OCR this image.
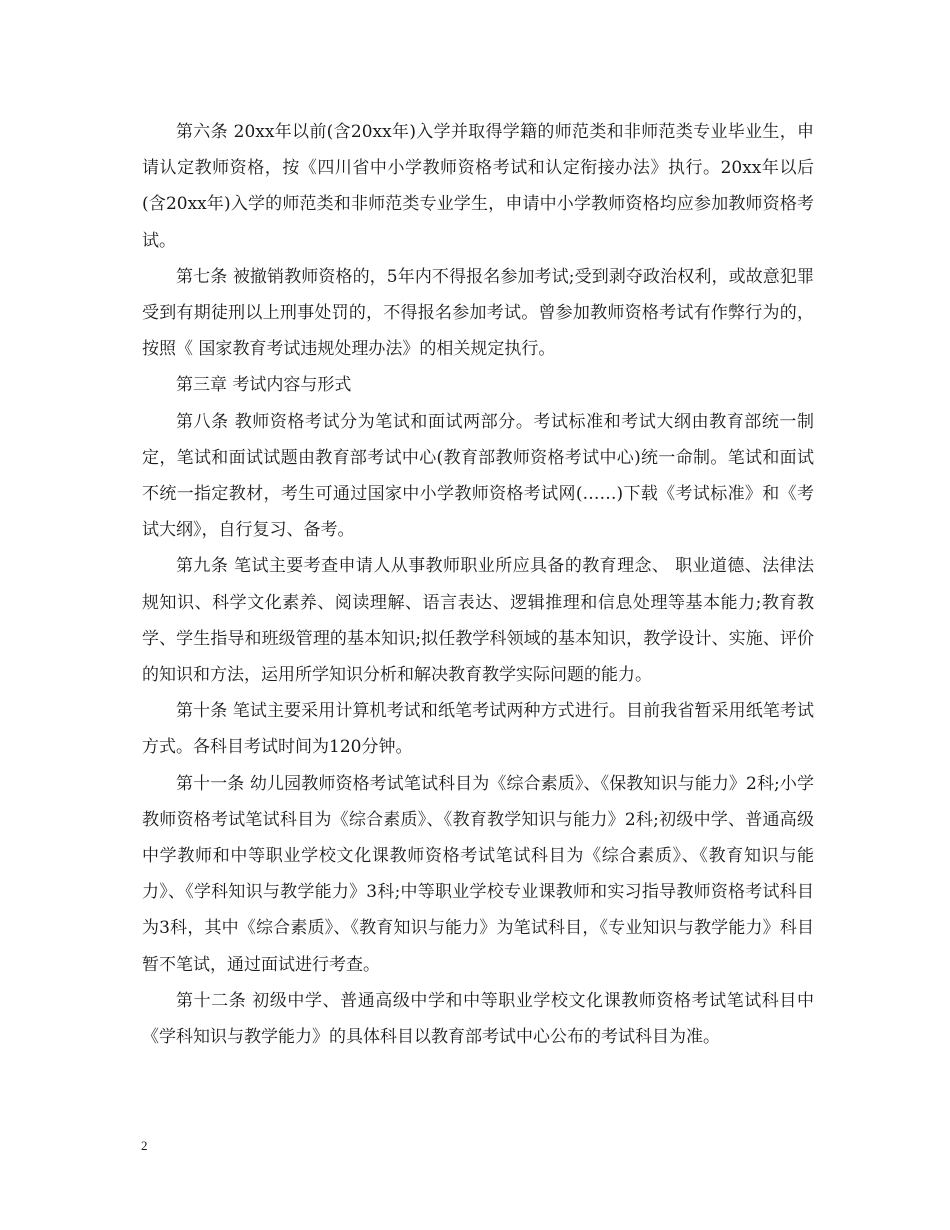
第六条 20xx年以前(含20xx年)入学并取得学籍的师范类和非师范类专业毕业生，申请认定教师资格，按《四川省中小学教师资格考试和认定衔接办法》执行。20xx年以后(含20xx年)入学的师范类和非师范类专业学生，申请中小学教师资格均应参加教师资格考试。

第七条 被撤销教师资格的，5年内不得报名参加考试;受到剥夺政治权利，或故意犯罪受到有期徒刑以上刑事处罚的，不得报名参加考试。曾参加教师资格考试有作弊行为的，按照《 国家教育考试违规处理办法》的相关规定执行。

第三章 考试内容与形式

第八条 教师资格考试分为笔试和面试两部分。考试标准和考试大纲由教育部统一制定，笔试和面试试题由教育部考试中心(教育部教师资格考试中心)统一命制。笔试和面试不统一指定教材，考生可通过国家中小学教师资格考试网(……)下载《考试标准》和《考试大纲》，自行复习、备考。

第九条 笔试主要考查申请人从事教师职业所应具备的教育理念、 职业道德、法律法规知识、科学文化素养、阅读理解、语言表达、逻辑推理和信息处理等基本能力;教育教学、学生指导和班级管理的基本知识;拟任教学科领域的基本知识，教学设计、实施、评价的知识和方法，运用所学知识分析和解决教育教学实际问题的能力。

第十条 笔试主要采用计算机考试和纸笔考试两种方式进行。目前我省暂采用纸笔考试方式。各科目考试时间为120分钟。

第十一条 幼儿园教师资格考试笔试科目为《综合素质》、《保教知识与能力》2科;小学教师资格考试笔试科目为《综合素质》、《教育教学知识与能力》2科;初级中学、普通高级中学教师和中等职业学校文化课教师资格考试笔试科目为《综合素质》、《教育知识与能力》、《学科知识与教学能力》3科;中等职业学校专业课教师和实习指导教师资格考试科目为3科，其中《综合素质》、《教育知识与能力》为笔试科目，《专业知识与教学能力》科目暂不笔试，通过面试进行考查。

第十二条 初级中学、普通高级中学和中等职业学校文化课教师资格考试笔试科目中《学科知识与教学能力》的具体科目以教育部考试中心公布的考试科目为准。

2
